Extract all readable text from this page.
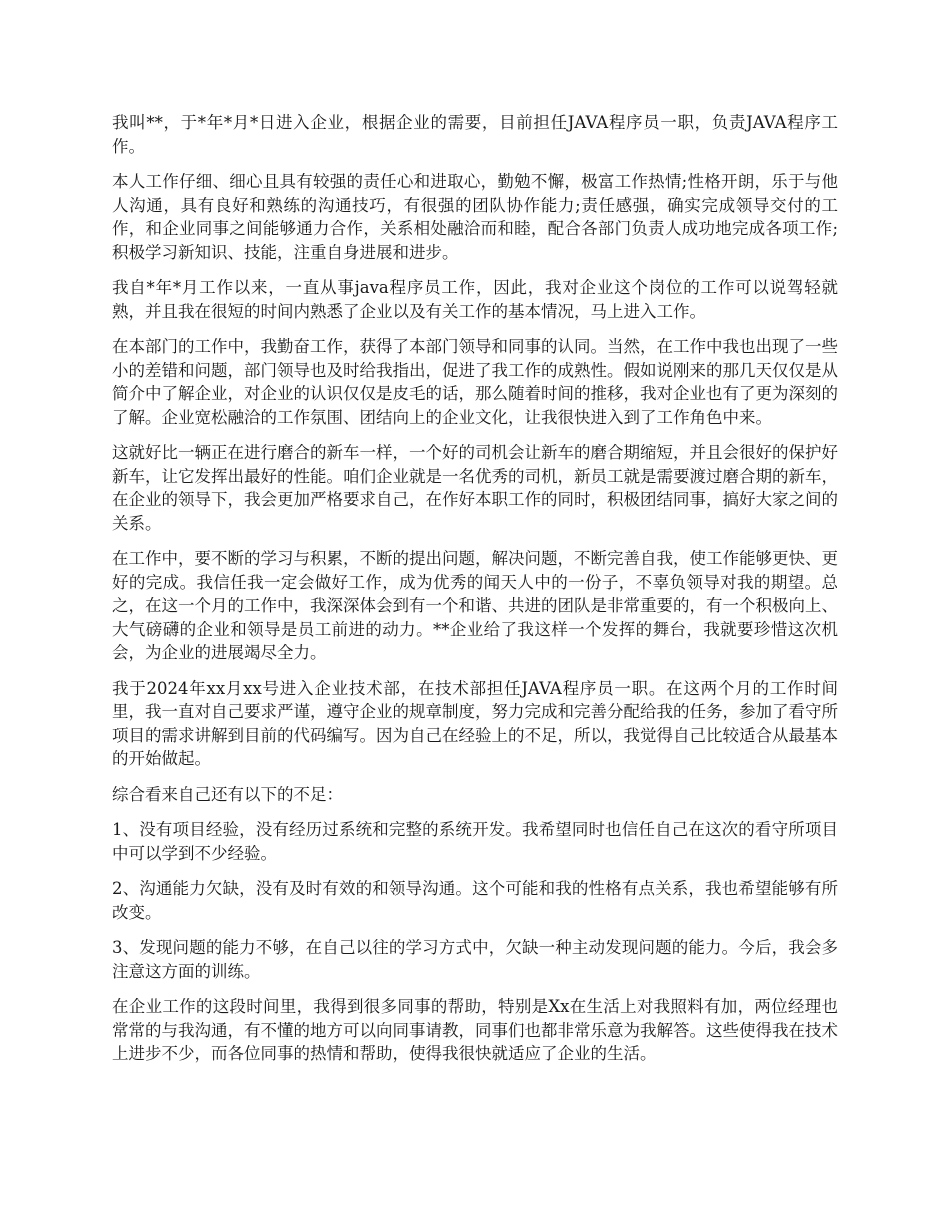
我叫**，于*年*月*日进入企业，根据企业的需要，目前担任JAVA程序员一职，负责JAVA程序工作。

本人工作仔细、细心且具有较强的责任心和进取心，勤勉不懈，极富工作热情;性格开朗，乐于与他人沟通，具有良好和熟练的沟通技巧，有很强的团队协作能力;责任感强，确实完成领导交付的工作，和企业同事之间能够通力合作，关系相处融洽而和睦，配合各部门负责人成功地完成各项工作;积极学习新知识、技能，注重自身进展和进步。

我自*年*月工作以来，一直从事java程序员工作，因此，我对企业这个岗位的工作可以说驾轻就熟，并且我在很短的时间内熟悉了企业以及有关工作的基本情况，马上进入工作。

在本部门的工作中，我勤奋工作，获得了本部门领导和同事的认同。当然，在工作中我也出现了一些小的差错和问题，部门领导也及时给我指出，促进了我工作的成熟性。假如说刚来的那几天仅仅是从简介中了解企业，对企业的认识仅仅是皮毛的话，那么随着时间的推移，我对企业也有了更为深刻的了解。企业宽松融洽的工作氛围、团结向上的企业文化，让我很快进入到了工作角色中来。

这就好比一辆正在进行磨合的新车一样，一个好的司机会让新车的磨合期缩短，并且会很好的保护好新车，让它发挥出最好的性能。咱们企业就是一名优秀的司机，新员工就是需要渡过磨合期的新车，在企业的领导下，我会更加严格要求自己，在作好本职工作的同时，积极团结同事，搞好大家之间的关系。

在工作中，要不断的学习与积累，不断的提出问题，解决问题，不断完善自我，使工作能够更快、更好的完成。我信任我一定会做好工作，成为优秀的闻天人中的一份子，不辜负领导对我的期望。总之，在这一个月的工作中，我深深体会到有一个和谐、共进的团队是非常重要的，有一个积极向上、大气磅礴的企业和领导是员工前进的动力。**企业给了我这样一个发挥的舞台，我就要珍惜这次机会，为企业的进展竭尽全力。

我于2024年xx月xx号进入企业技术部，在技术部担任JAVA程序员一职。在这两个月的工作时间里，我一直对自己要求严谨，遵守企业的规章制度，努力完成和完善分配给我的任务，参加了看守所项目的需求讲解到目前的代码编写。因为自己在经验上的不足，所以，我觉得自己比较适合从最基本的开始做起。

综合看来自己还有以下的不足：

1、没有项目经验，没有经历过系统和完整的系统开发。我希望同时也信任自己在这次的看守所项目中可以学到不少经验。

2、沟通能力欠缺，没有及时有效的和领导沟通。这个可能和我的性格有点关系，我也希望能够有所改变。

3、发现问题的能力不够，在自己以往的学习方式中，欠缺一种主动发现问题的能力。今后，我会多注意这方面的训练。

在企业工作的这段时间里，我得到很多同事的帮助，特别是Xx在生活上对我照料有加，两位经理也常常的与我沟通，有不懂的地方可以向同事请教，同事们也都非常乐意为我解答。这些使得我在技术上进步不少，而各位同事的热情和帮助，使得我很快就适应了企业的生活。
